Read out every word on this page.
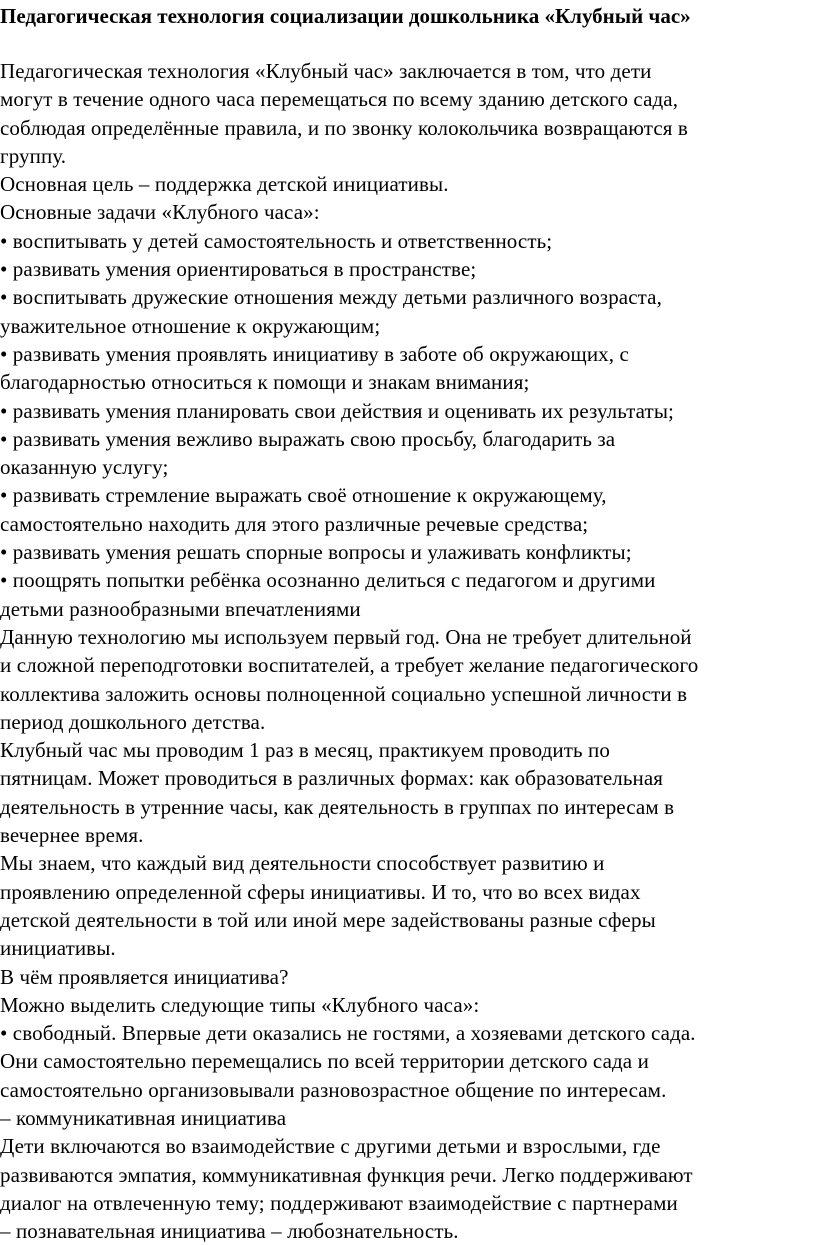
Педагогическая технология социализации дошкольника «Клубный час»
Педагогическая технология «Клубный час» заключается в том, что дети
могут в течение одного часа перемещаться по всему зданию детского сада,
соблюдая определённые правила, и по звонку колокольчика возвращаются в
группу.
Основная цель – поддержка детской инициативы.
Основные задачи «Клубного часа»:
• воспитывать у детей самостоятельность и ответственность;
• развивать умения ориентироваться в пространстве;
• воспитывать дружеские отношения между детьми различного возраста,
уважительное отношение к окружающим;
• развивать умения проявлять инициативу в заботе об окружающих, с
благодарностью относиться к помощи и знакам внимания;
• развивать умения планировать свои действия и оценивать их результаты;
• развивать умения вежливо выражать свою просьбу, благодарить за
оказанную услугу;
• развивать стремление выражать своё отношение к окружающему,
самостоятельно находить для этого различные речевые средства;
• развивать умения решать спорные вопросы и улаживать конфликты;
• поощрять попытки ребёнка осознанно делиться с педагогом и другими
детьми разнообразными впечатлениями
Данную технологию мы используем первый год. Она не требует длительной
и сложной переподготовки воспитателей, а требует желание педагогического
коллектива заложить основы полноценной социально успешной личности в
период дошкольного детства.
Клубный час мы проводим 1 раз в месяц, практикуем проводить по
пятницам. Может проводиться в различных формах: как образовательная
деятельность в утренние часы, как деятельность в группах по интересам в
вечернее время.
Мы знаем, что каждый вид деятельности способствует развитию и
проявлению определенной сферы инициативы. И то, что во всех видах
детской деятельности в той или иной мере задействованы разные сферы
инициативы.
В чём проявляется инициатива?
Можно выделить следующие типы «Клубного часа»:
• свободный. Впервые дети оказались не гостями, а хозяевами детского сада.
Они самостоятельно перемещались по всей территории детского сада и
самостоятельно организовывали разновозрастное общение по интересам.
– коммуникативная инициатива
Дети включаются во взаимодействие с другими детьми и взрослыми, где
развиваются эмпатия, коммуникативная функция речи. Легко поддерживают
диалог на отвлеченную тему; поддерживают взаимодействие с партнерами
– познавательная инициатива – любознательность.
